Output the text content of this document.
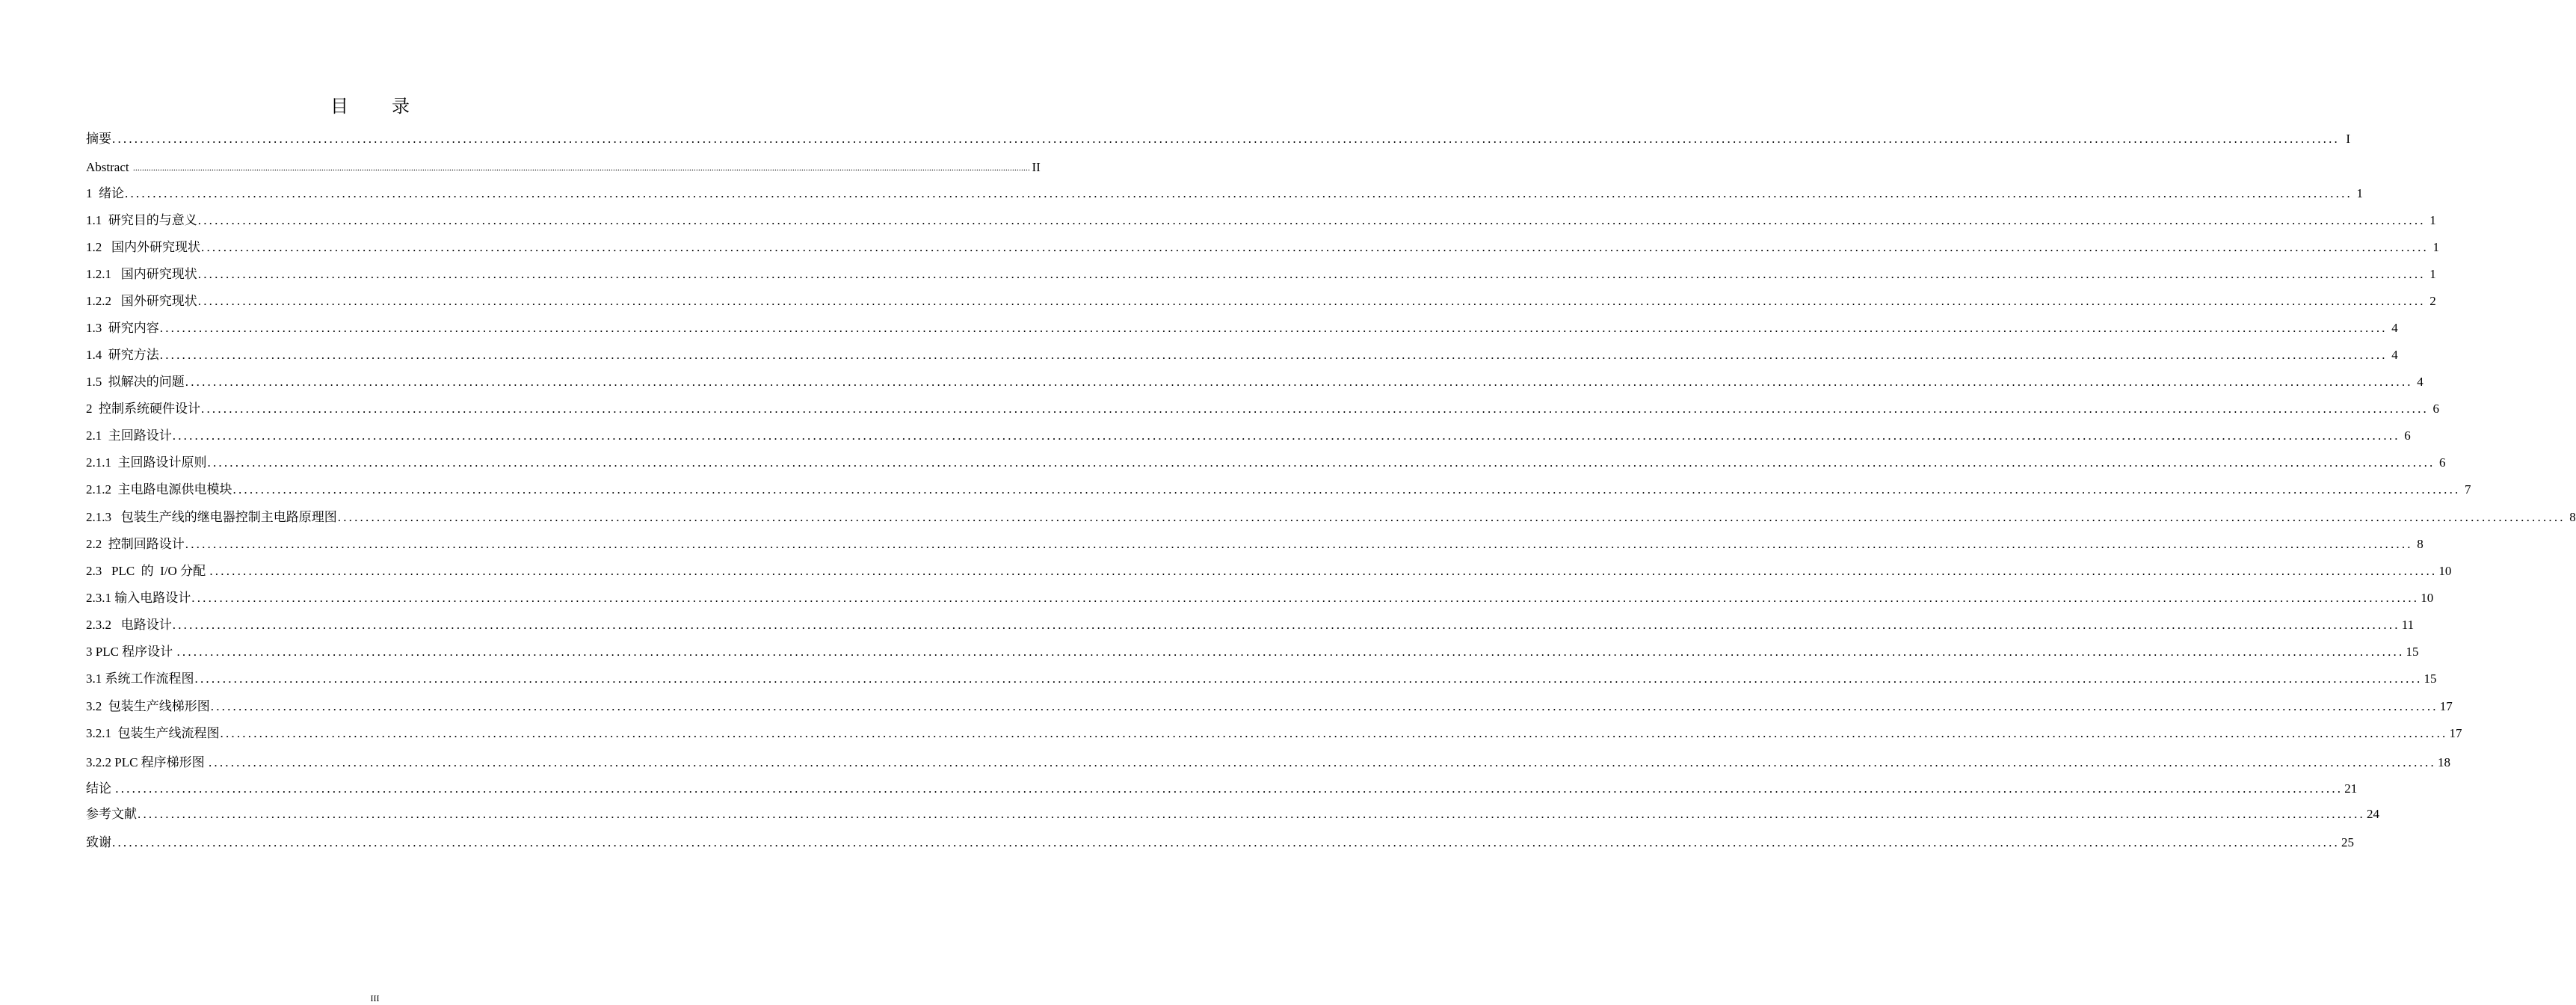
目 录
摘要 ................................................................................................................................................................................................................................................................................................................................................................................................................ I
Abstract ................................................................................................................................................................................................................................................................................................................................................................................................................ II
1  绪论 ................................................................................................................................................................................................................................................................................................................................................................................................................ 1
1.1  研究目的与意义 ................................................................................................................................................................................................................................................................................................................................................................................................................ 1
1.2   国内外研究现状 ................................................................................................................................................................................................................................................................................................................................................................................................................ 1
1.2.1   国内研究现状 ................................................................................................................................................................................................................................................................................................................................................................................................................ 1
1.2.2   国外研究现状 ................................................................................................................................................................................................................................................................................................................................................................................................................ 2
1.3  研究内容 ................................................................................................................................................................................................................................................................................................................................................................................................................ 4
1.4  研究方法 ................................................................................................................................................................................................................................................................................................................................................................................................................ 4
1.5  拟解决的问题 ................................................................................................................................................................................................................................................................................................................................................................................................................ 4
2  控制系统硬件设计 ................................................................................................................................................................................................................................................................................................................................................................................................................ 6
2.1  主回路设计 ................................................................................................................................................................................................................................................................................................................................................................................................................ 6
2.1.1  主回路设计原则 ................................................................................................................................................................................................................................................................................................................................................................................................................ 6
2.1.2  主电路电源供电模块 ................................................................................................................................................................................................................................................................................................................................................................................................................ 7
2.1.3   包装生产线的继电器控制主电路原理图 ................................................................................................................................................................................................................................................................................................................................................................................................................ 8
2.2  控制回路设计 ................................................................................................................................................................................................................................................................................................................................................................................................................ 8
2.3   PLC  的  I/O 分配 ................................................................................................................................................................................................................................................................................................................................................................................................................ 10
2.3.1 输入电路设计 ................................................................................................................................................................................................................................................................................................................................................................................................................ 10
2.3.2   电路设计 ................................................................................................................................................................................................................................................................................................................................................................................................................ 11
3 PLC 程序设计 ................................................................................................................................................................................................................................................................................................................................................................................................................ 15
3.1 系统工作流程图 ................................................................................................................................................................................................................................................................................................................................................................................................................ 15
3.2  包装生产线梯形图 ................................................................................................................................................................................................................................................................................................................................................................................................................ 17
3.2.1  包装生产线流程图 ................................................................................................................................................................................................................................................................................................................................................................................................................ 17
3.2.2 PLC 程序梯形图 ................................................................................................................................................................................................................................................................................................................................................................................................................ 18
结论 ................................................................................................................................................................................................................................................................................................................................................................................................................ 21
参考文献 ................................................................................................................................................................................................................................................................................................................................................................................................................ 24
致谢 ................................................................................................................................................................................................................................................................................................................................................................................................................ 25
III
